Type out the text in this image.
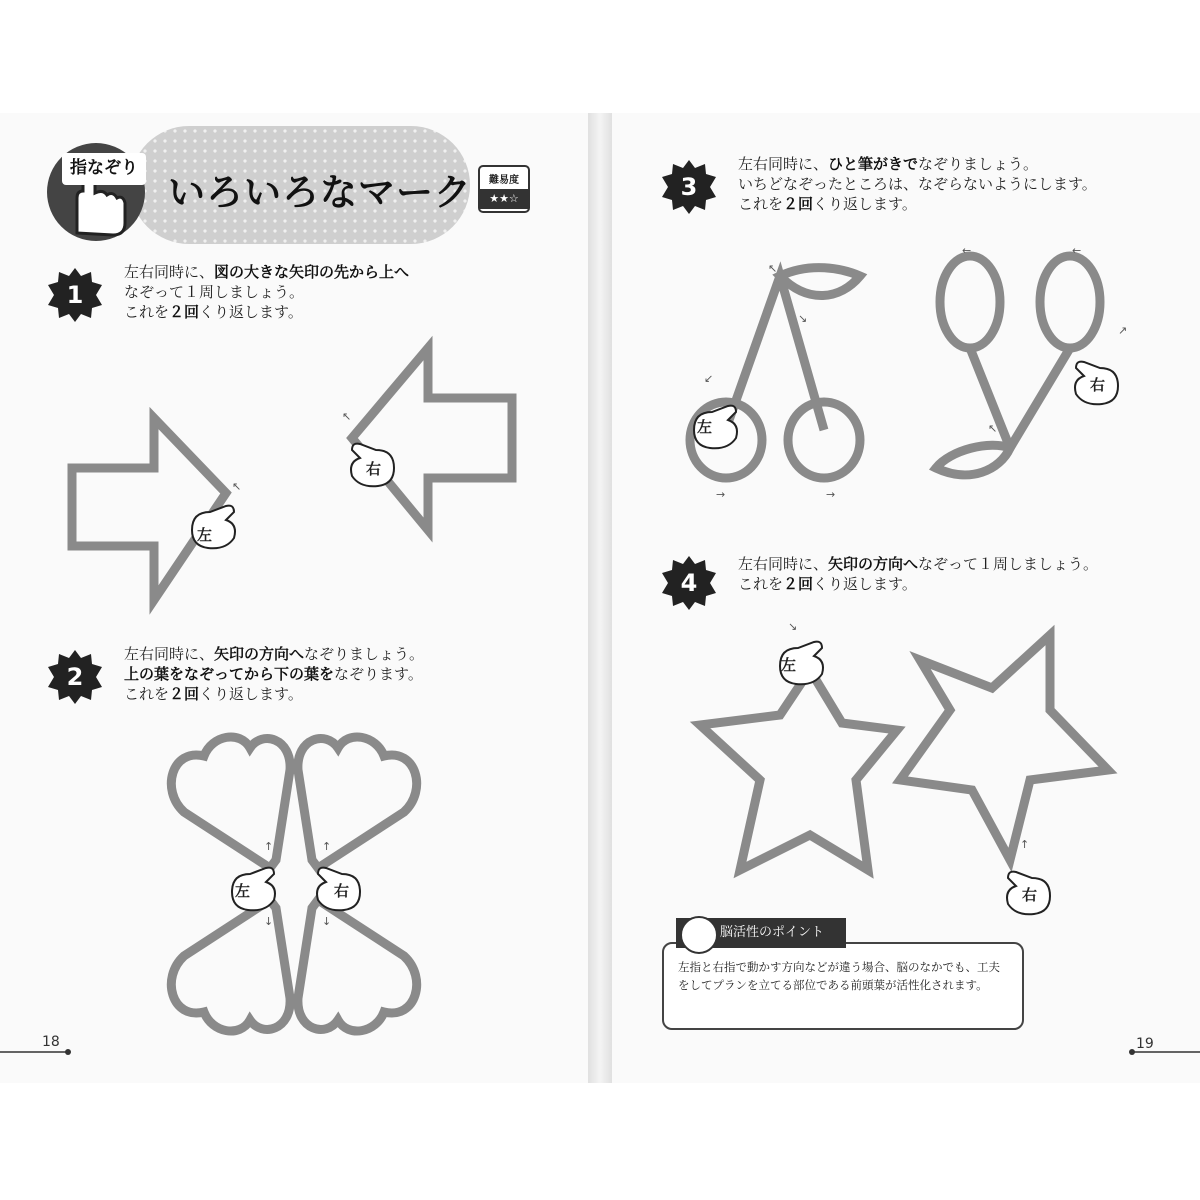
指なぞり
いろいろなマーク	難易度
★★☆
1
2
3
4
左右同時に、図の大きな矢印の先から上へ
なぞって１周しましょう。
これを２回くり返します。
左右同時に、矢印の方向へなぞりましょう。
上の葉をなぞってから下の葉をなぞります。
これを２回くり返します。
左右同時に、ひと筆がきでなぞりましょう。
いちどなぞったところは、なぞらないようにします。
これを２回くり返します。
左右同時に、矢印の方向へなぞって１周しましょう。
これを２回くり返します。
↖
↖
↑	↑
↓	↓
↖
↘
↙
→	→
←	←
↗
↖
↘
↑
左
右
左	右
左
右
左
右
脳活性のポイント
左指と右指で動かす方向などが違う場合、脳のなかでも、工夫をしてプランを立てる部位である前頭葉が活性化されます。
18	19
